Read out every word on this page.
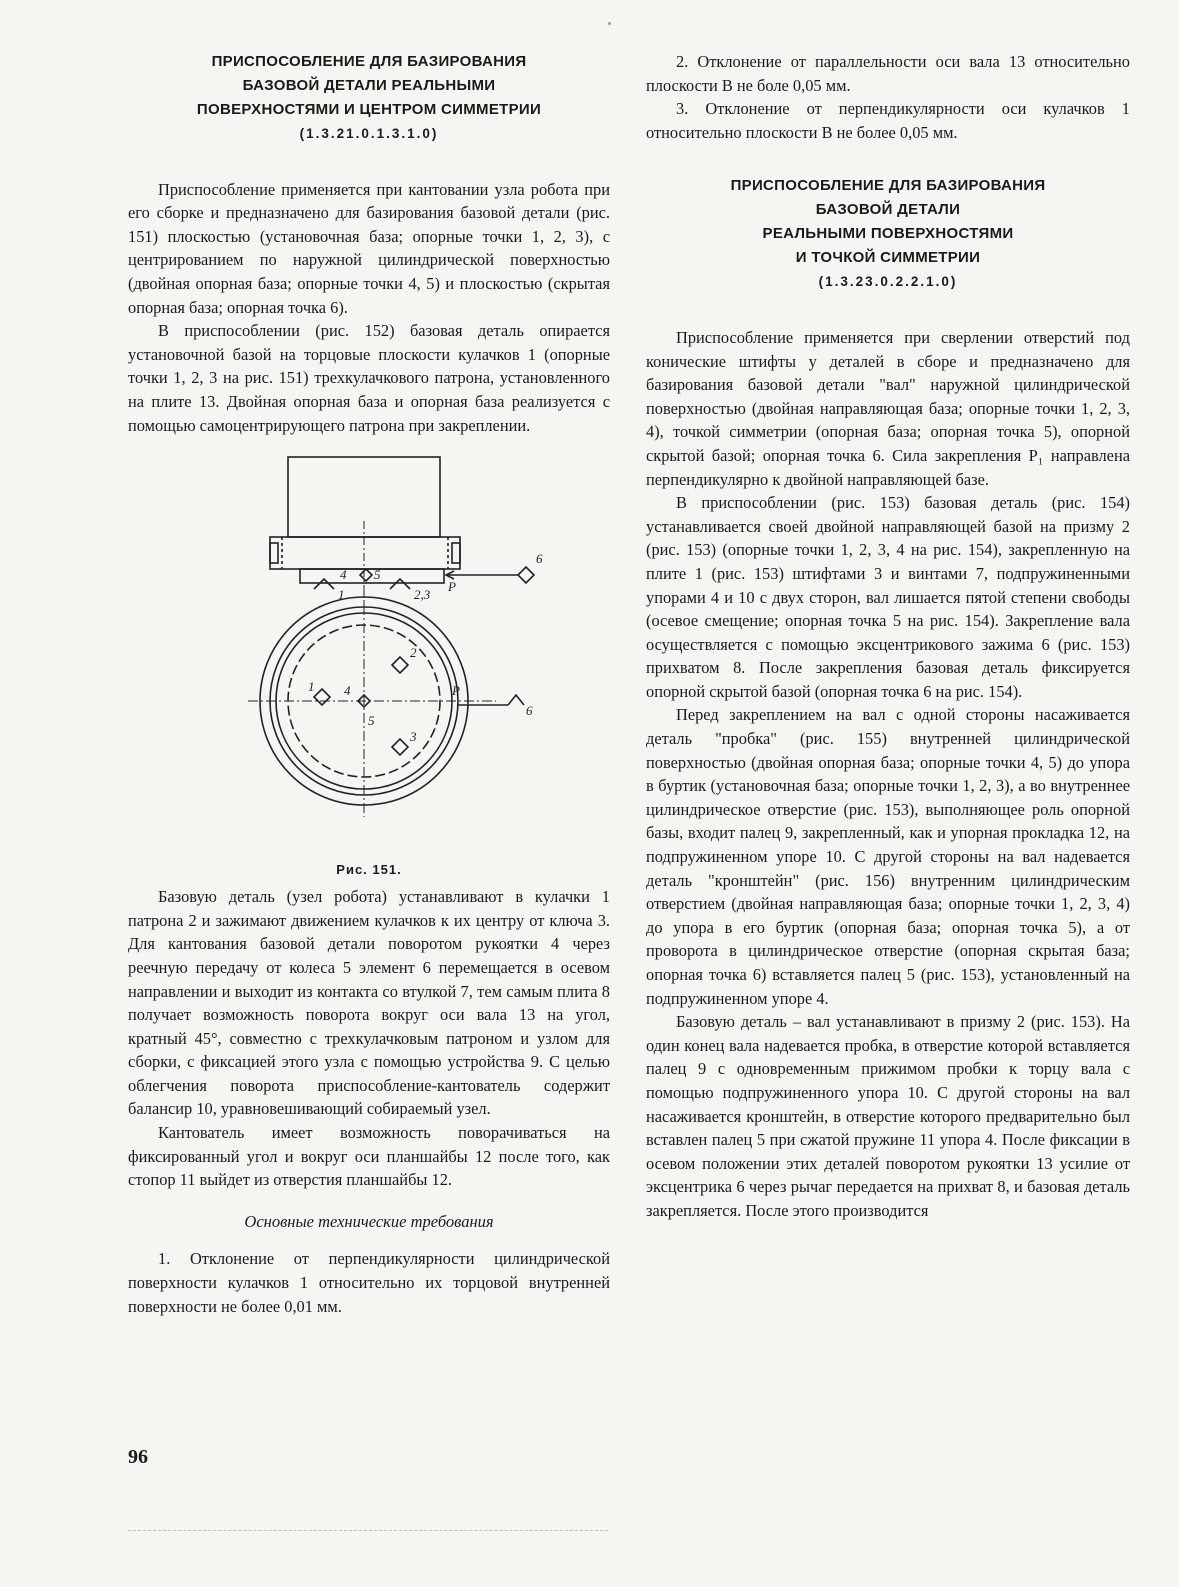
ПРИСПОСОБЛЕНИЕ ДЛЯ БАЗИРОВАНИЯ

БАЗОВОЙ ДЕТАЛИ РЕАЛЬНЫМИ

ПОВЕРХНОСТЯМИ И ЦЕНТРОМ СИММЕТРИИ

(1.3.21.0.1.3.1.0)

Приспособление применяется при кантовании узла робота при его сборке и предназначено для базирования базовой детали (рис. 151) плоскостью (установочная база; опорные точки 1, 2, 3), с центрированием по наружной цилиндрической поверхностью (двойная опорная база; опорные точки 4, 5) и плоскостью (скрытая опорная база; опорная точка 6).

В приспособлении (рис. 152) базовая деталь опирается установочной базой на торцовые плоскости кулачков 1 (опорные точки 1, 2, 3 на рис. 151) трехкулачкового патрона, установленного на плите 13. Двойная опорная база и опорная база реализуется с помощью самоцентрирующего патрона при закреплении.

4 5
6
1	2,3
P
2
1 4	P
5
3
6
Рис. 151.

Базовую деталь (узел робота) устанавливают в кулачки 1 патрона 2 и зажимают движением кулачков к их центру от ключа 3. Для кантования базовой детали поворотом рукоятки 4 через реечную передачу от колеса 5 элемент 6 перемещается в осевом направлении и выходит из контакта со втулкой 7, тем самым плита 8 получает возможность поворота вокруг оси вала 13 на угол, кратный 45°, совместно с трехкулачковым патроном и узлом для сборки, с фиксацией этого узла с помощью устройства 9. С целью облегчения поворота приспособление-кантователь содержит балансир 10, уравновешивающий собираемый узел.

Кантователь имеет возможность поворачиваться на фиксированный угол и вокруг оси планшайбы 12 после того, как стопор 11 выйдет из отверстия планшайбы 12.

Основные технические требования

1. Отклонение от перпендикулярности цилиндрической поверхности кулачков 1 относительно их торцовой внутренней поверхности не более 0,01 мм.

2. Отклонение от параллельности оси вала 13 относительно плоскости В не боле 0,05 мм.

3. Отклонение от перпендикулярности оси кулачков 1 относительно плоскости В не более 0,05 мм.

ПРИСПОСОБЛЕНИЕ ДЛЯ БАЗИРОВАНИЯ

БАЗОВОЙ ДЕТАЛИ

РЕАЛЬНЫМИ ПОВЕРХНОСТЯМИ

И ТОЧКОЙ СИММЕТРИИ

(1.3.23.0.2.2.1.0)

Приспособление применяется при сверлении отверстий под конические штифты у деталей в сборе и предназначено для базирования базовой детали "вал" наружной цилиндрической поверхностью (двойная направляющая база; опорные точки 1, 2, 3, 4), точкой симметрии (опорная база; опорная точка 5), опорной скрытой базой; опорная точка 6. Сила закрепления P₁ направлена перпендикулярно к двойной направляющей базе.

В приспособлении (рис. 153) базовая деталь (рис. 154) устанавливается своей двойной направляющей базой на призму 2 (рис. 153) (опорные точки 1, 2, 3, 4 на рис. 154), закрепленную на плите 1 (рис. 153) штифтами 3 и винтами 7, подпружиненными упорами 4 и 10 с двух сторон, вал лишается пятой степени свободы (осевое смещение; опорная точка 5 на рис. 154). Закрепление вала осуществляется с помощью эксцентрикового зажима 6 (рис. 153) прихватом 8. После закрепления базовая деталь фиксируется опорной скрытой базой (опорная точка 6 на рис. 154).

Перед закреплением на вал с одной стороны насаживается деталь "пробка" (рис. 155) внутренней цилиндрической поверхностью (двойная опорная база; опорные точки 4, 5) до упора в буртик (установочная база; опорные точки 1, 2, 3), а во внутреннее цилиндрическое отверстие (рис. 153), выполняющее роль опорной базы, входит палец 9, закрепленный, как и упорная прокладка 12, на подпружиненном упоре 10. С другой стороны на вал надевается деталь "кронштейн" (рис. 156) внутренним цилиндрическим отверстием (двойная направляющая база; опорные точки 1, 2, 3, 4) до упора в его буртик (опорная база; опорная точка 5), а от проворота в цилиндрическое отверстие (опорная скрытая база; опорная точка 6) вставляется палец 5 (рис. 153), установленный на подпружиненном упоре 4.

Базовую деталь – вал устанавливают в призму 2 (рис. 153). На один конец вала надевается пробка, в отверстие которой вставляется палец 9 с одновременным прижимом пробки к торцу вала с помощью подпружиненного упора 10. С другой стороны на вал насаживается кронштейн, в отверстие которого предварительно был вставлен палец 5 при сжатой пружине 11 упора 4. После фиксации в осевом положении этих деталей поворотом рукоятки 13 усилие от эксцентрика 6 через рычаг передается на прихват 8, и базовая деталь закрепляется. После этого производится

96
